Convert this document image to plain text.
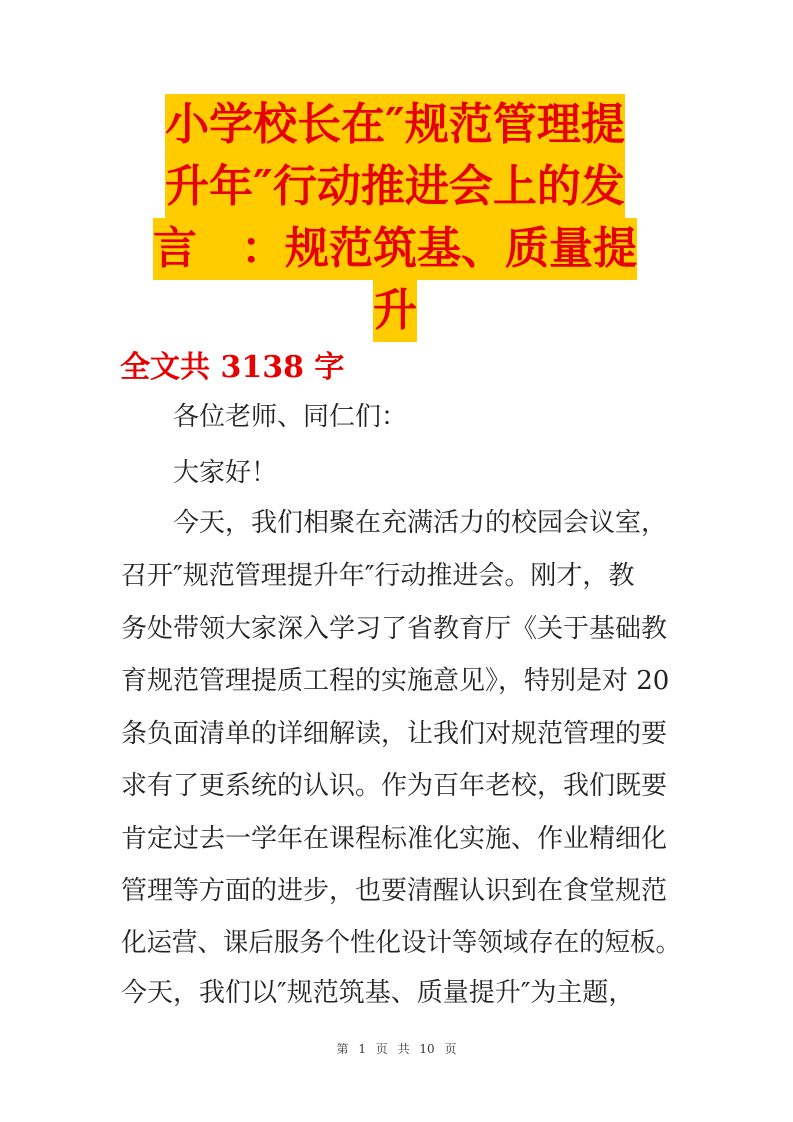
小学校长在″规范管理提
升年″行动推进会上的发
言　：规范筑基、质量提
升
全文共 3138 字
　　各位老师、同仁们：
　　大家好！
　　今天，我们相聚在充满活力的校园会议室，
召开″规范管理提升年″行动推进会。刚才，教
务处带领大家深入学习了省教育厅《关于基础教
育规范管理提质工程的实施意见》，特别是对 20
条负面清单的详细解读，让我们对规范管理的要
求有了更系统的认识。作为百年老校，我们既要
肯定过去一学年在课程标准化实施、作业精细化
管理等方面的进步，也要清醒认识到在食堂规范
化运营、课后服务个性化设计等领域存在的短板。
今天，我们以″规范筑基、质量提升″为主题，
第 1 页 共 10 页
